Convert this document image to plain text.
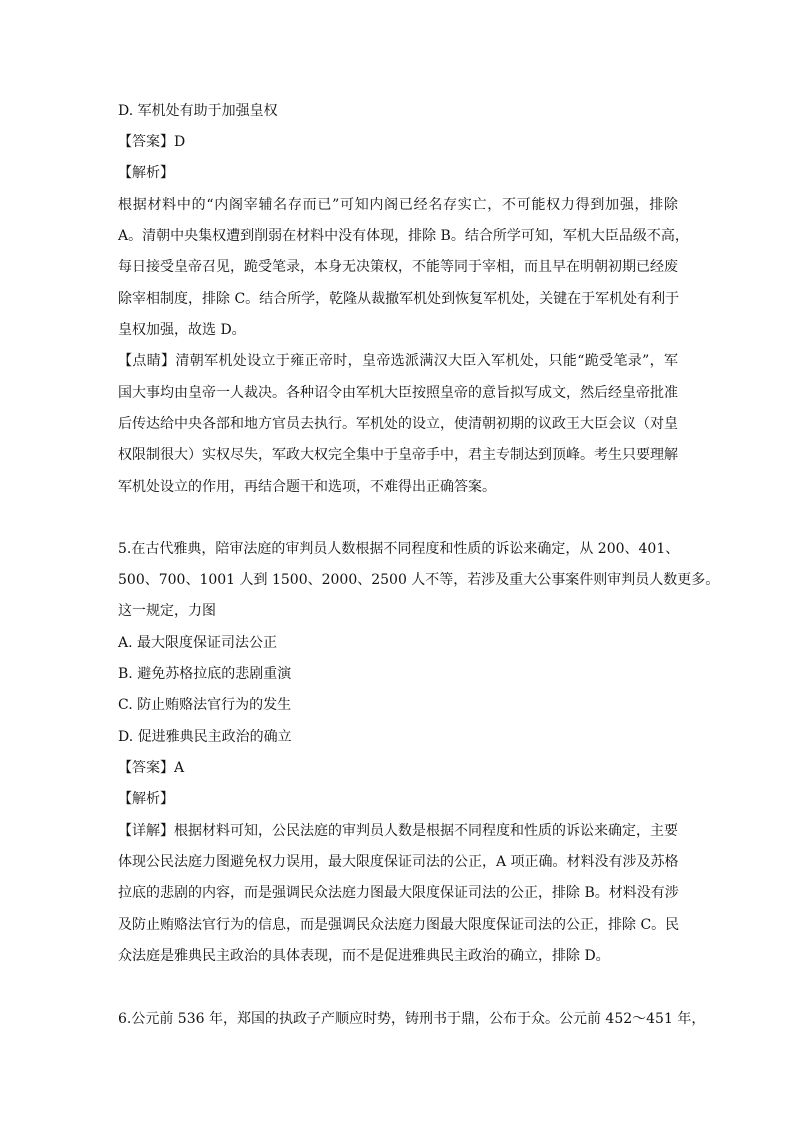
D. 军机处有助于加强皇权
【答案】D
【解析】
根据材料中的“内阁宰辅名存而已”可知内阁已经名存实亡，不可能权力得到加强，排除
A。清朝中央集权遭到削弱在材料中没有体现，排除 B。结合所学可知，军机大臣品级不高，
每日接受皇帝召见，跪受笔录，本身无决策权，不能等同于宰相，而且早在明朝初期已经废
除宰相制度，排除 C。结合所学，乾隆从裁撤军机处到恢复军机处，关键在于军机处有利于
皇权加强，故选 D。
【点睛】清朝军机处设立于雍正帝时，皇帝选派满汉大臣入军机处，只能“跪受笔录”，军
国大事均由皇帝一人裁决。各种诏令由军机大臣按照皇帝的意旨拟写成文，然后经皇帝批准
后传达给中央各部和地方官员去执行。军机处的设立，使清朝初期的议政王大臣会议（对皇
权限制很大）实权尽失，军政大权完全集中于皇帝手中，君主专制达到顶峰。考生只要理解
军机处设立的作用，再结合题干和选项，不难得出正确答案。
5.在古代雅典，陪审法庭的审判员人数根据不同程度和性质的诉讼来确定，从 200、401、
500、700、1001 人到 1500、2000、2500 人不等，若涉及重大公事案件则审判员人数更多。
这一规定，力图
A. 最大限度保证司法公正
B. 避免苏格拉底的悲剧重演
C. 防止贿赂法官行为的发生
D. 促进雅典民主政治的确立
【答案】A
【解析】
【详解】根据材料可知，公民法庭的审判员人数是根据不同程度和性质的诉讼来确定，主要
体现公民法庭力图避免权力误用，最大限度保证司法的公正，A 项正确。材料没有涉及苏格
拉底的悲剧的内容，而是强调民众法庭力图最大限度保证司法的公正，排除 B。材料没有涉
及防止贿赂法官行为的信息，而是强调民众法庭力图最大限度保证司法的公正，排除 C。民
众法庭是雅典民主政治的具体表现，而不是促进雅典民主政治的确立，排除 D。
6.公元前 536 年，郑国的执政子产顺应时势，铸刑书于鼎，公布于众。公元前 452～451 年，
